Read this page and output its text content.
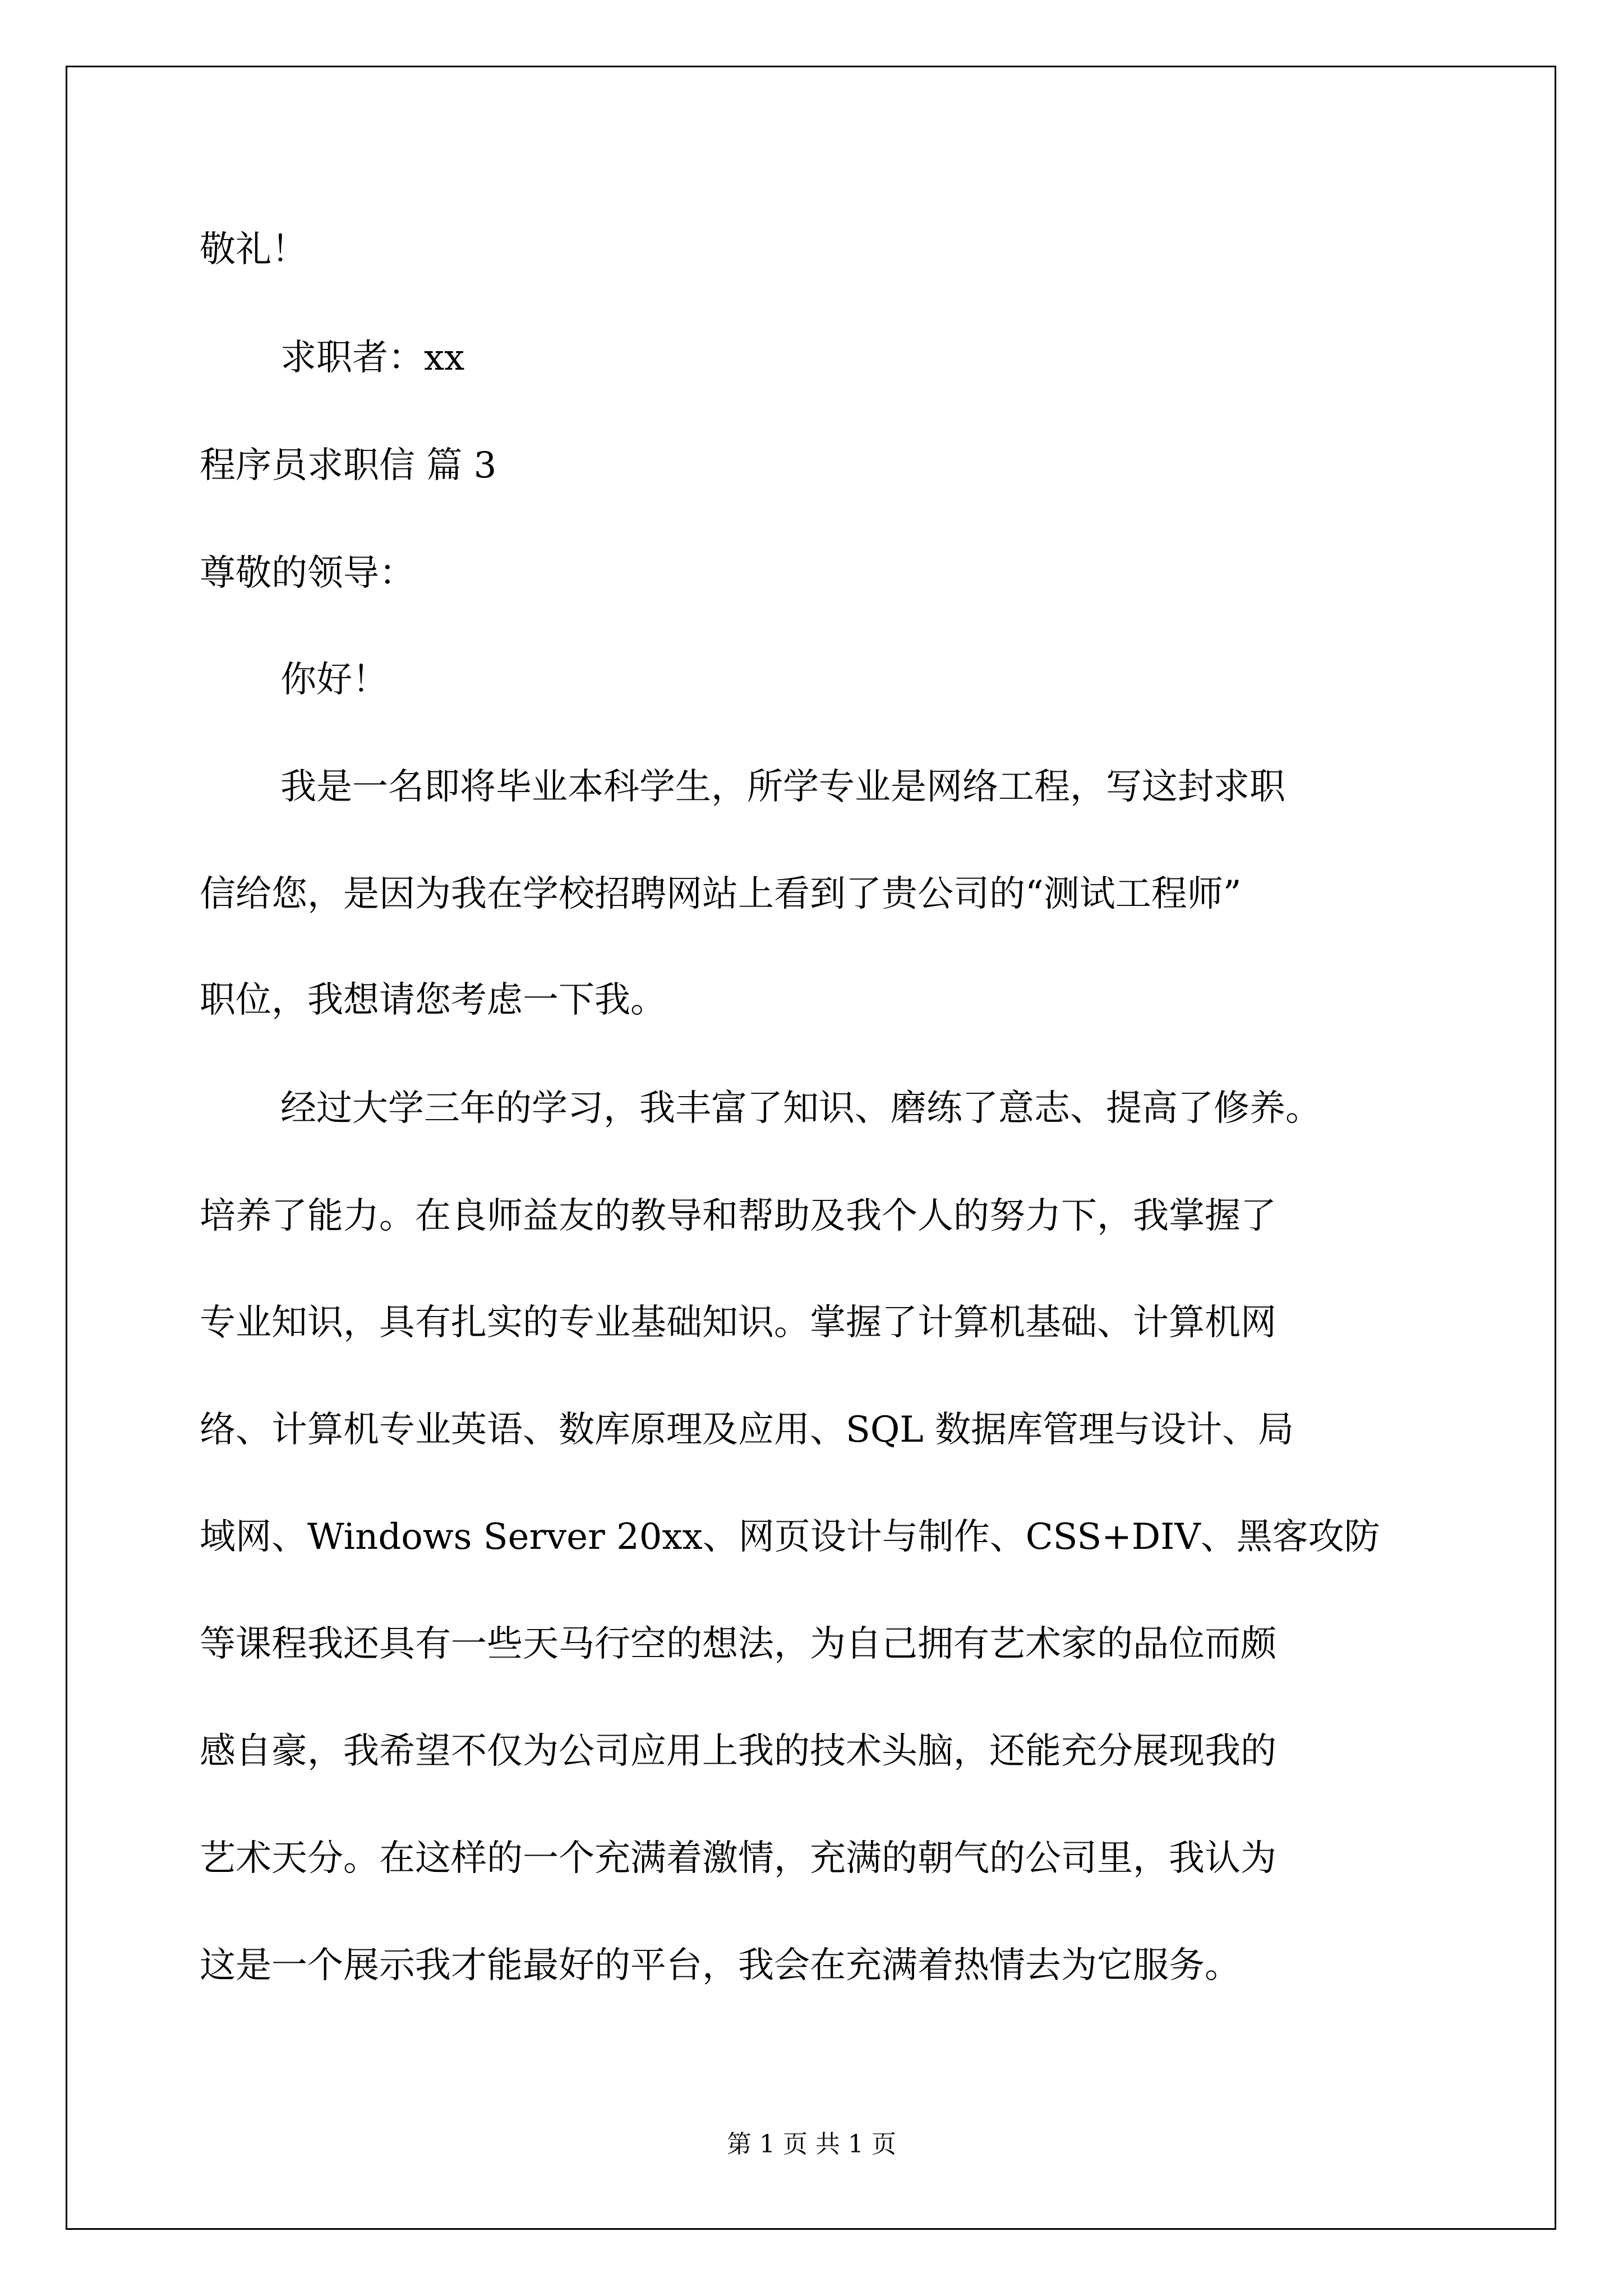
敬礼！
求职者：xx
程序员求职信 篇 3
尊敬的领导：
你好！
我是一名即将毕业本科学生，所学专业是网络工程，写这封求职
信给您，是因为我在学校招聘网站上看到了贵公司的“测试工程师”
职位，我想请您考虑一下我。
经过大学三年的学习，我丰富了知识、磨练了意志、提高了修养。
培养了能力。在良师益友的教导和帮助及我个人的努力下，我掌握了
专业知识，具有扎实的专业基础知识。掌握了计算机基础、计算机网
络、计算机专业英语、数库原理及应用、SQL 数据库管理与设计、局
域网、Windows Server 20xx、网页设计与制作、CSS+DIV、黑客攻防
等课程我还具有一些天马行空的想法，为自己拥有艺术家的品位而颇
感自豪，我希望不仅为公司应用上我的技术头脑，还能充分展现我的
艺术天分。在这样的一个充满着激情，充满的朝气的公司里，我认为
这是一个展示我才能最好的平台，我会在充满着热情去为它服务。
第 1 页 共 1 页
